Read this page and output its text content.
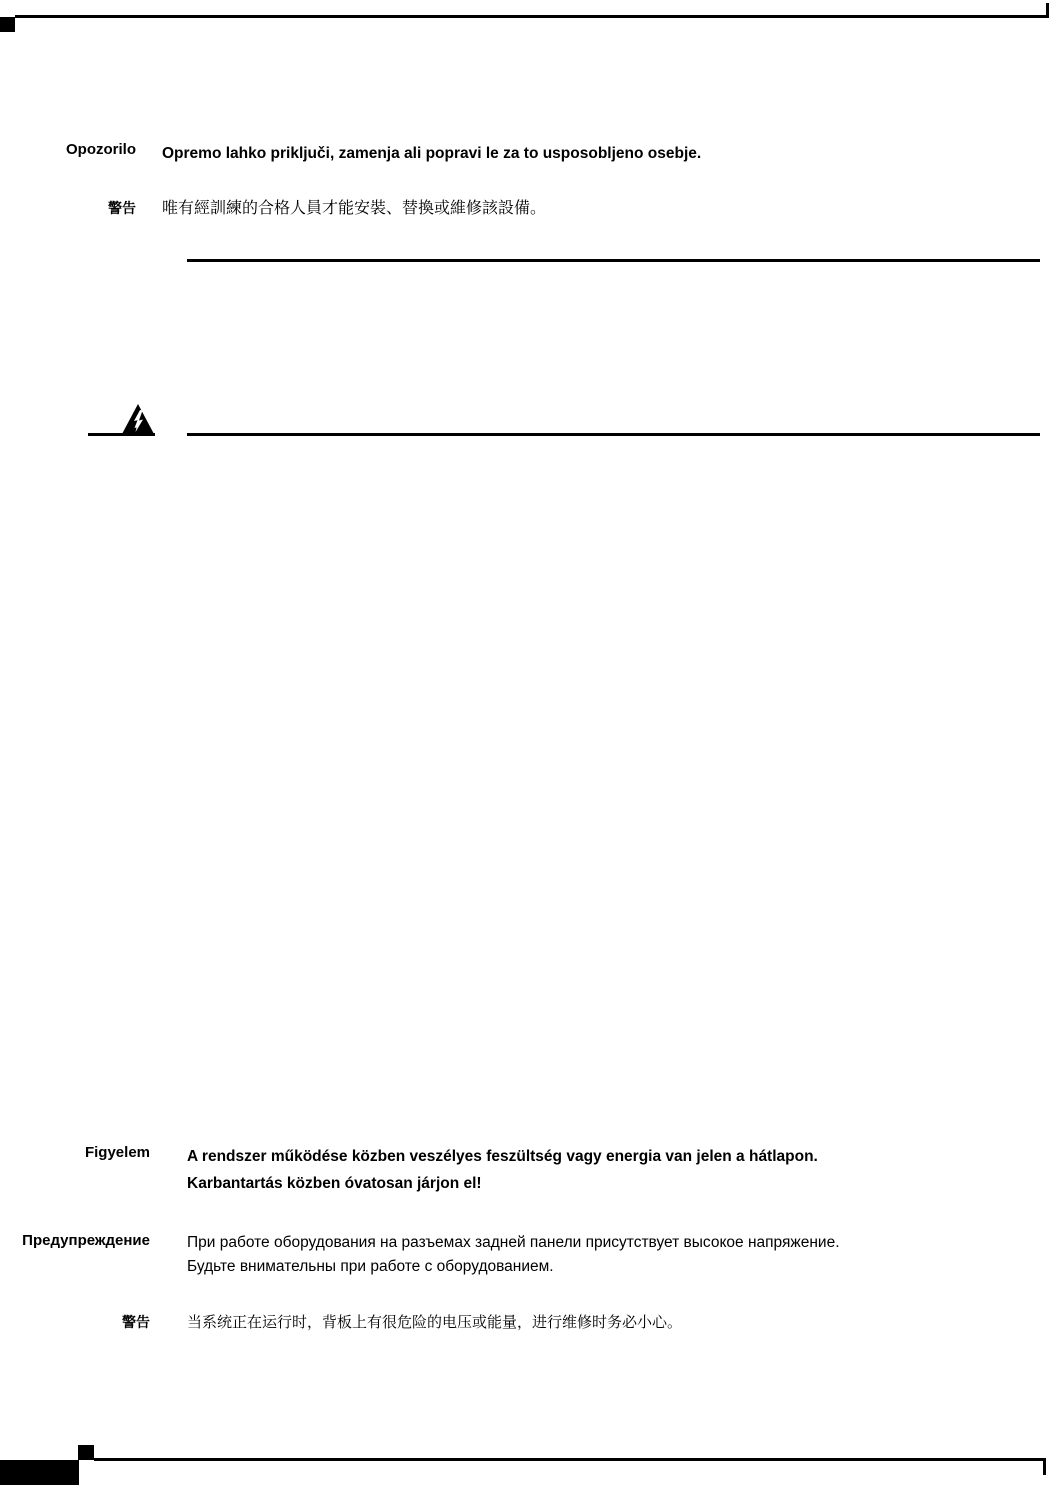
Opozorilo Opremo lahko priključi, zamenja ali popravi le za to usposobljeno osebje.
警告 唯有經訓練的合格人員才能安裝、替換或維修該設備。
Figyelem A rendszer működése közben veszélyes feszültség vagy energia van jelen a hátlapon.
Karbantartás közben óvatosan járjon el!
Предупреждение При работе оборудования на разъемах задней панели присутствует высокое напряжение.
Будьте внимательны при работе с оборудованием.
警告 当系统正在运行时，背板上有很危险的电压或能量，进行维修时务必小心。
